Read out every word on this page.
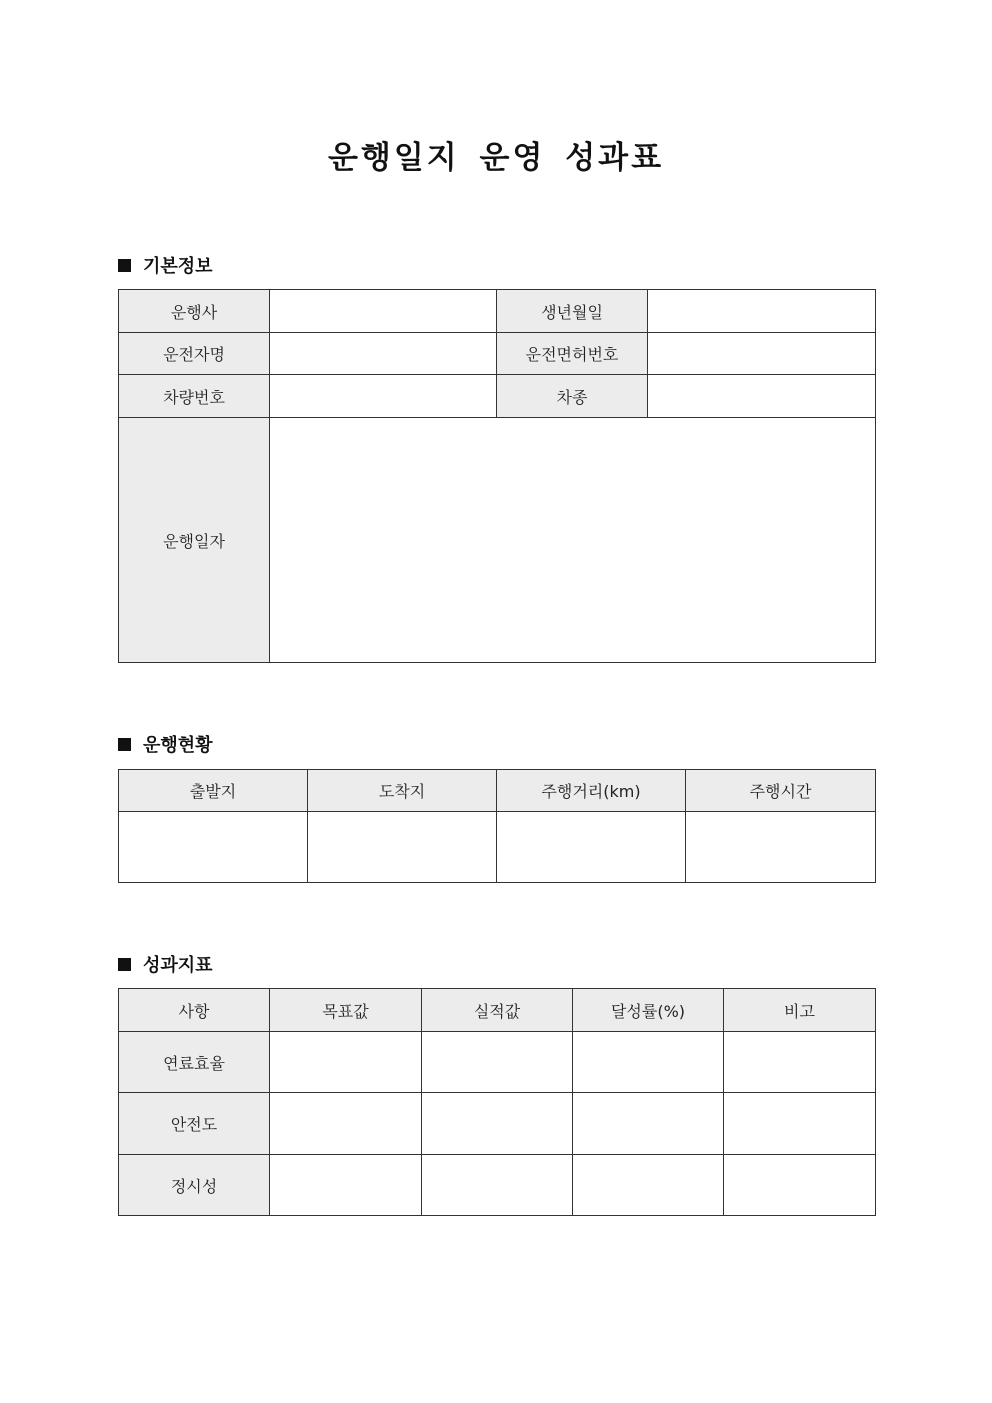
운행일지 운영 성과표
기본정보
운행사		생년월일	
운전자명		운전면허번호	
차량번호		차종	
운행일자			
운행현황
출발지	도착지	주행거리(km)	주행시간

성과지표
사항	목표값	실적값	달성률(%)	비고
연료효율				
안전도				
정시성				
